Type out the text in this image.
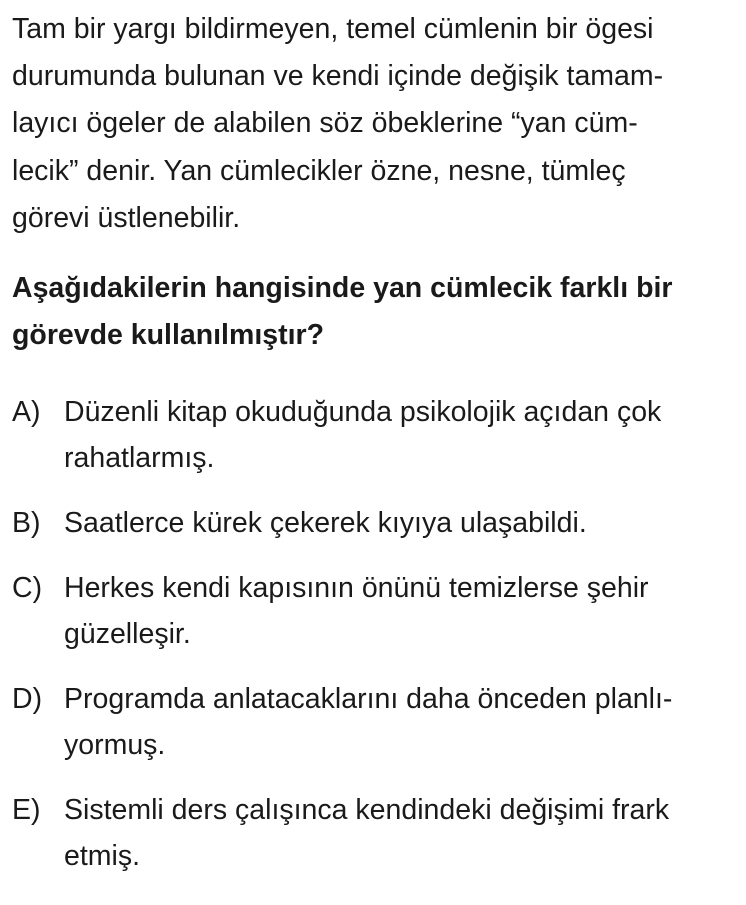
Tam bir yargı bildirmeyen, temel cümlenin bir ögesi
durumunda bulunan ve kendi içinde değişik tamam-
layıcı ögeler de alabilen söz öbeklerine “yan cüm-
lecik” denir. Yan cümlecikler özne, nesne, tümleç
görevi üstlenebilir.
Aşağıdakilerin hangisinde yan cümlecik farklı bir
görevde kullanılmıştır?
A) Düzenli kitap okuduğunda psikolojik açıdan çok
rahatlarmış.
B) Saatlerce kürek çekerek kıyıya ulaşabildi.
C) Herkes kendi kapısının önünü temizlerse şehir
güzelleşir.
D) Programda anlatacaklarını daha önceden planlı-
yormuş.
E) Sistemli ders çalışınca kendindeki değişimi frark
etmiş.
